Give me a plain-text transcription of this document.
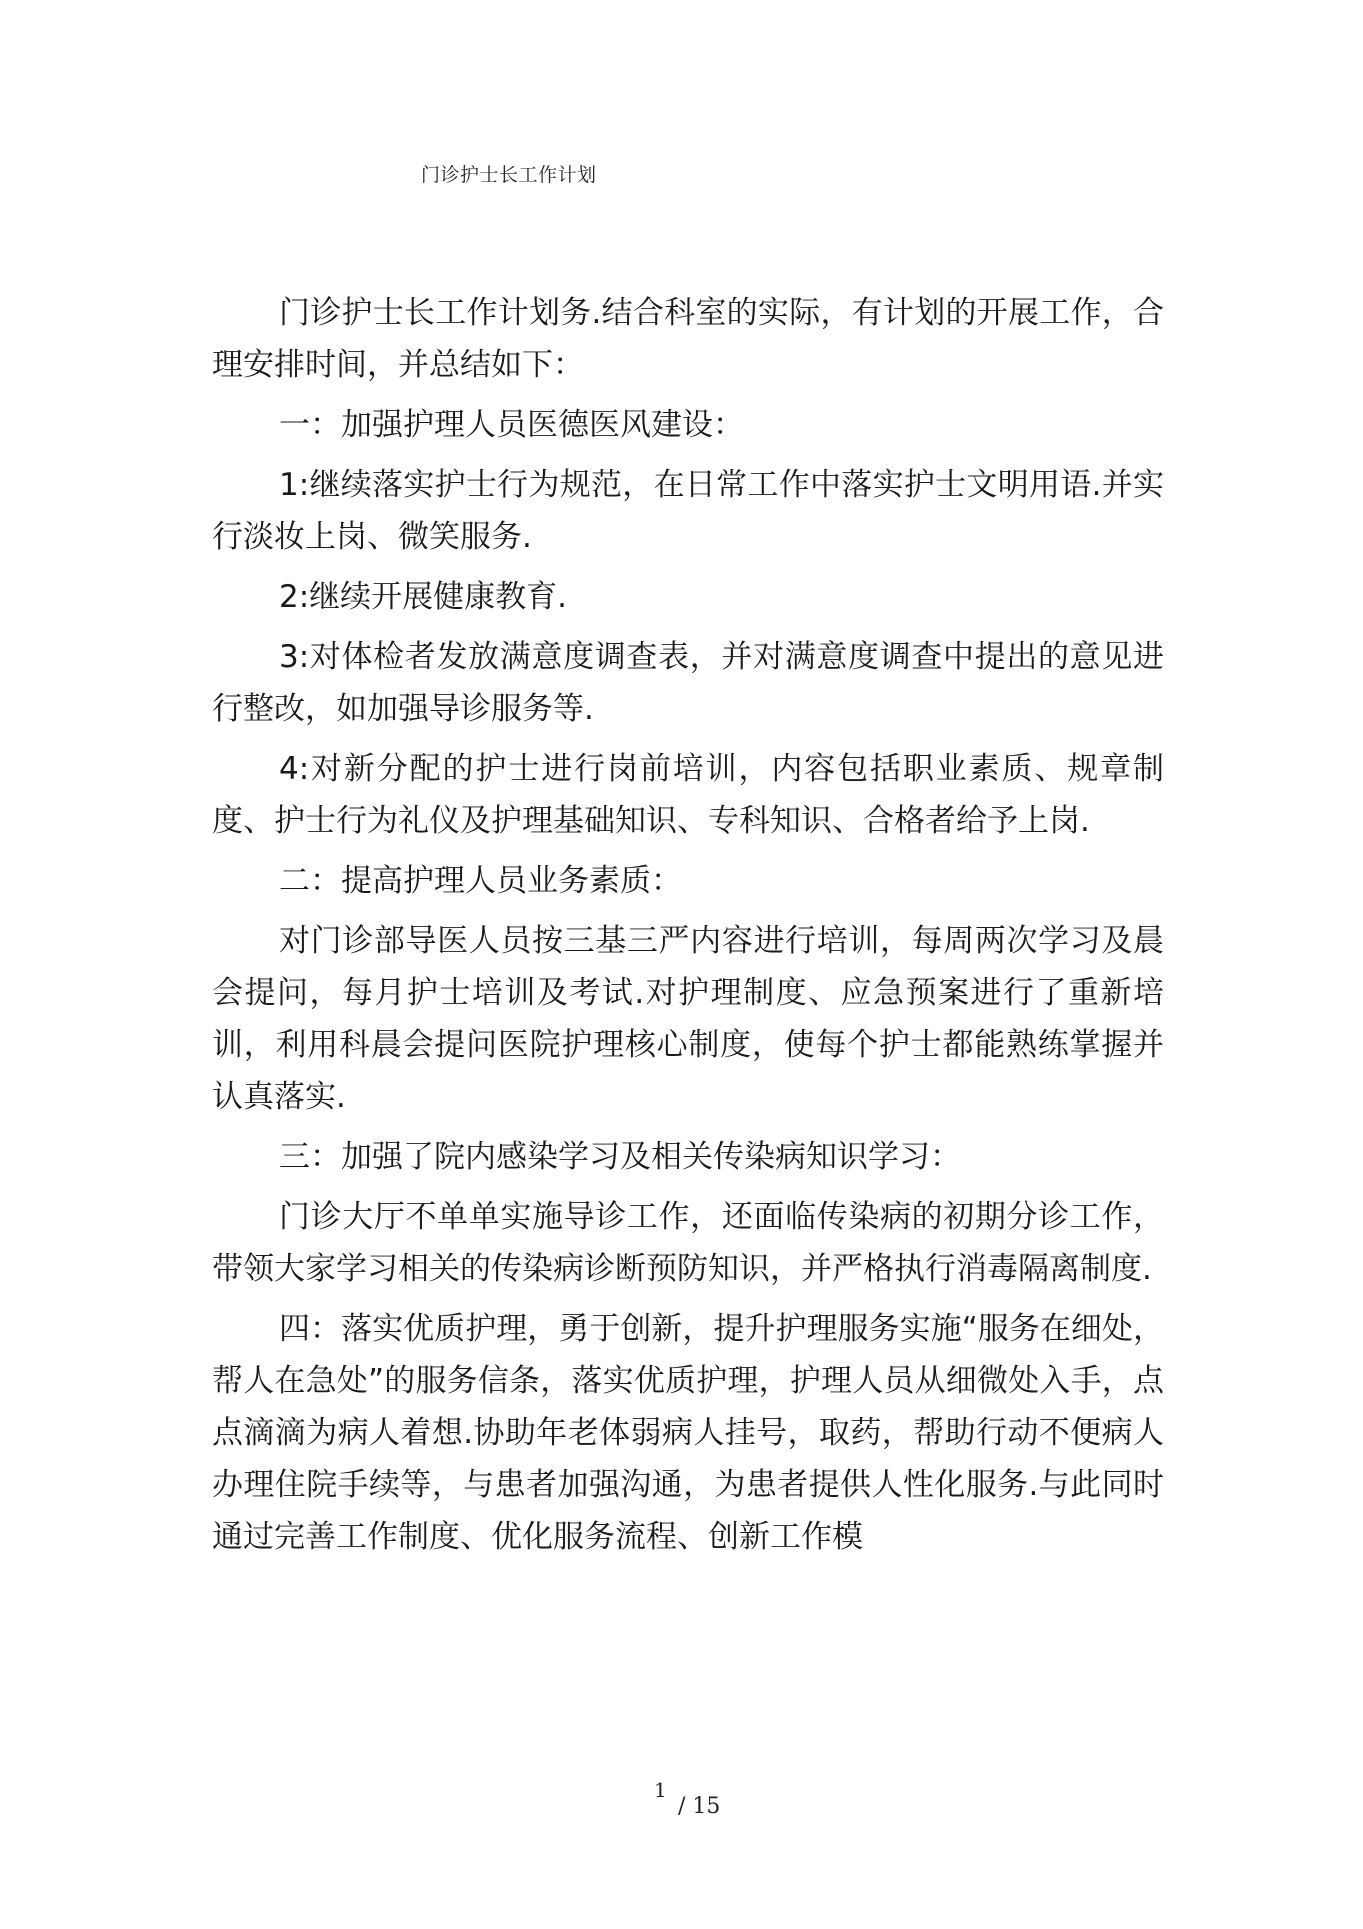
门诊护士长工作计划

门诊护士长工作计划务.结合科室的实际，有计划的开展工作，合理安排时间，并总结如下：

一：加强护理人员医德医风建设：

1:继续落实护士行为规范，在日常工作中落实护士文明用语.并实行淡妆上岗、微笑服务.

2:继续开展健康教育.

3:对体检者发放满意度调查表，并对满意度调查中提出的意见进行整改，如加强导诊服务等.

4:对新分配的护士进行岗前培训，内容包括职业素质、规章制度、护士行为礼仪及护理基础知识、专科知识、合格者给予上岗.

二：提高护理人员业务素质：

对门诊部导医人员按三基三严内容进行培训，每周两次学习及晨会提问，每月护士培训及考试.对护理制度、应急预案进行了重新培训，利用科晨会提问医院护理核心制度，使每个护士都能熟练掌握并认真落实.

三：加强了院内感染学习及相关传染病知识学习：

门诊大厅不单单实施导诊工作，还面临传染病的初期分诊工作，带领大家学习相关的传染病诊断预防知识，并严格执行消毒隔离制度.

四：落实优质护理，勇于创新，提升护理服务实施“服务在细处，帮人在急处”的服务信条，落实优质护理，护理人员从细微处入手，点点滴滴为病人着想.协助年老体弱病人挂号，取药，帮助行动不便病人办理住院手续等，与患者加强沟通，为患者提供人性化服务.与此同时通过完善工作制度、优化服务流程、创新工作模

1
/ 15
